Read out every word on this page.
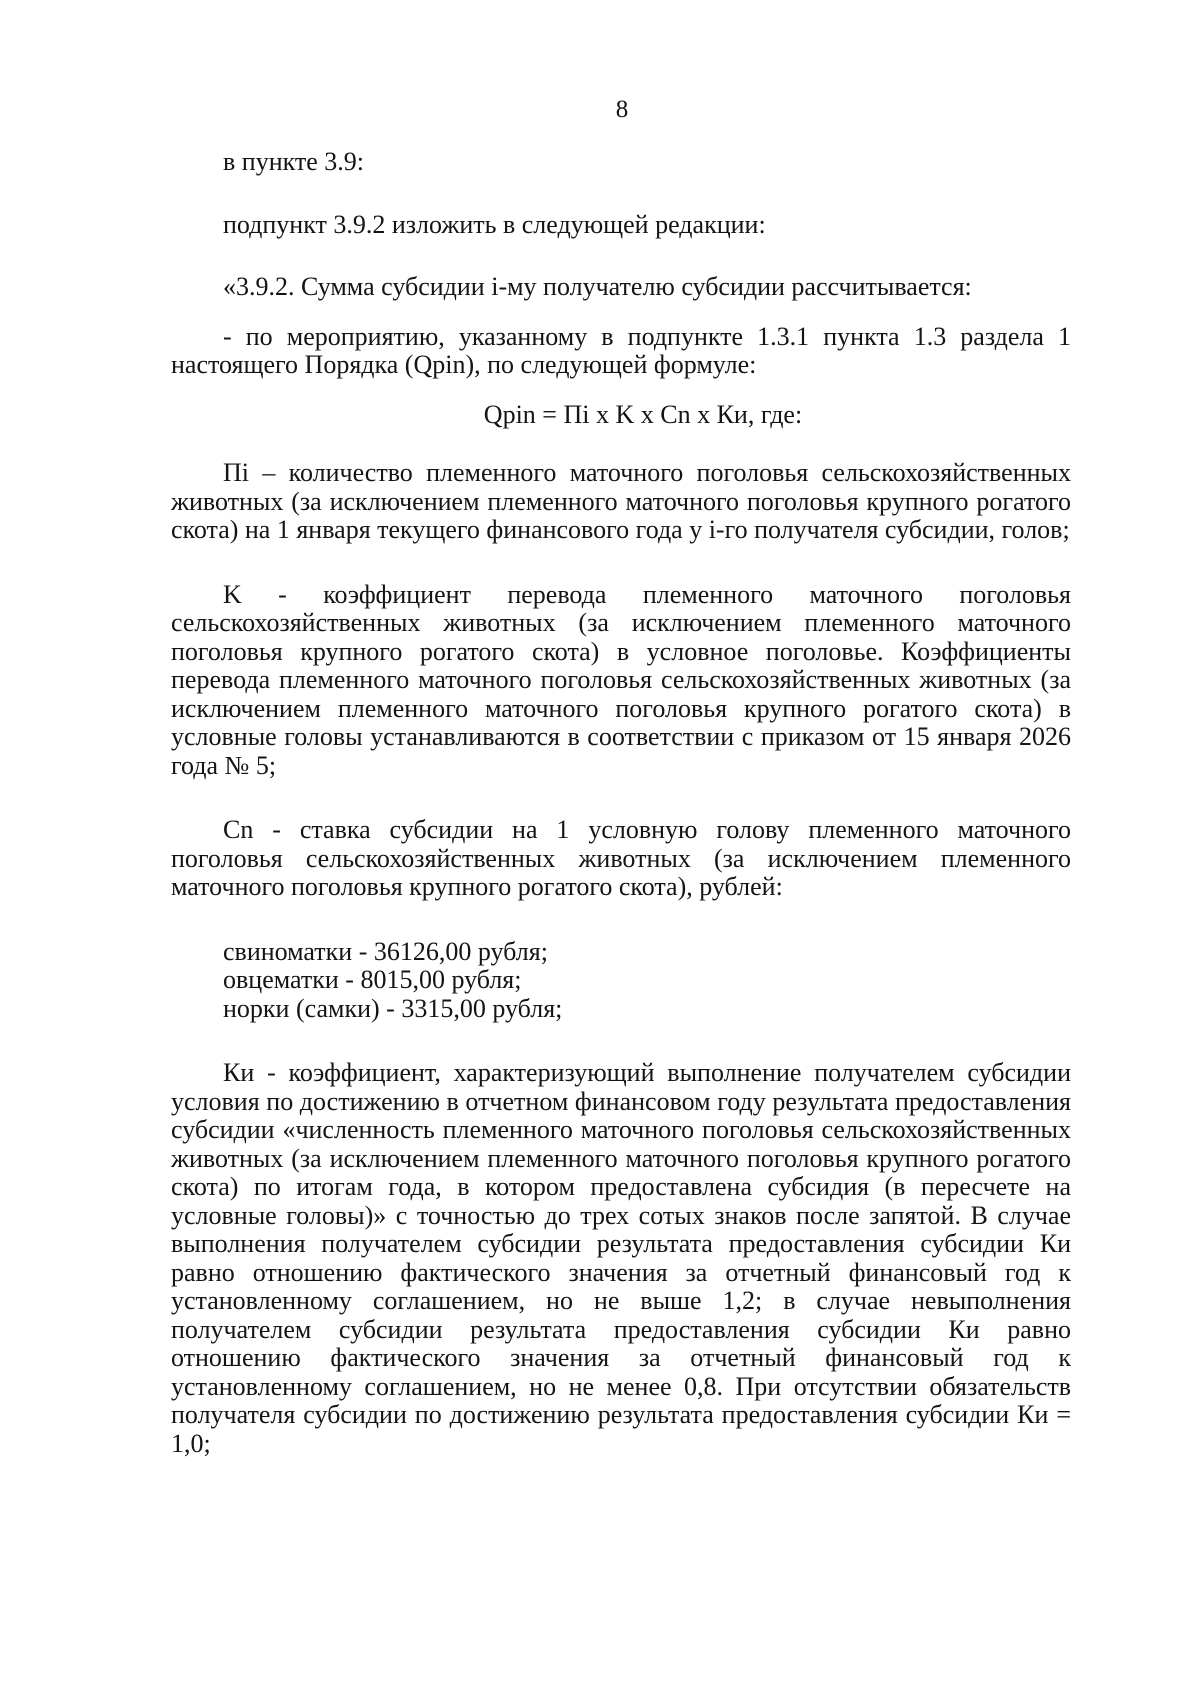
8

в пункте 3.9:

подпункт 3.9.2 изложить в следующей редакции:

«3.9.2. Сумма субсидии i-му получателю субсидии рассчитывается:

- по мероприятию, указанному в подпункте 1.3.1 пункта 1.3 раздела 1 настоящего Порядка (Qpin), по следующей формуле:

Qpin = Пi x K x Cn x Ки, где:

Пi – количество племенного маточного поголовья сельскохозяйственных животных (за исключением племенного маточного поголовья крупного рогатого скота) на 1 января текущего финансового года у i-го получателя субсидии, голов;

K - коэффициент перевода племенного маточного поголовья сельскохозяйственных животных (за исключением племенного маточного поголовья крупного рогатого скота) в условное поголовье. Коэффициенты перевода племенного маточного поголовья сельскохозяйственных животных (за исключением племенного маточного поголовья крупного рогатого скота) в условные головы устанавливаются в соответствии с приказом от 15 января 2026 года № 5;

Cn - ставка субсидии на 1 условную голову племенного маточного поголовья сельскохозяйственных животных (за исключением племенного маточного поголовья крупного рогатого скота), рублей:

свиноматки - 36126,00 рубля;
овцематки - 8015,00 рубля;
норки (самки) - 3315,00 рубля;

Ки - коэффициент, характеризующий выполнение получателем субсидии условия по достижению в отчетном финансовом году результата предоставления субсидии «численность племенного маточного поголовья сельскохозяйственных животных (за исключением племенного маточного поголовья крупного рогатого скота) по итогам года, в котором предоставлена субсидия (в пересчете на условные головы)» с точностью до трех сотых знаков после запятой. В случае выполнения получателем субсидии результата предоставления субсидии Ки равно отношению фактического значения за отчетный финансовый год к установленному соглашением, но не выше 1,2; в случае невыполнения получателем субсидии результата предоставления субсидии Ки равно отношению фактического значения за отчетный финансовый год к установленному соглашением, но не менее 0,8. При отсутствии обязательств получателя субсидии по достижению результата предоставления субсидии Ки = 1,0;
